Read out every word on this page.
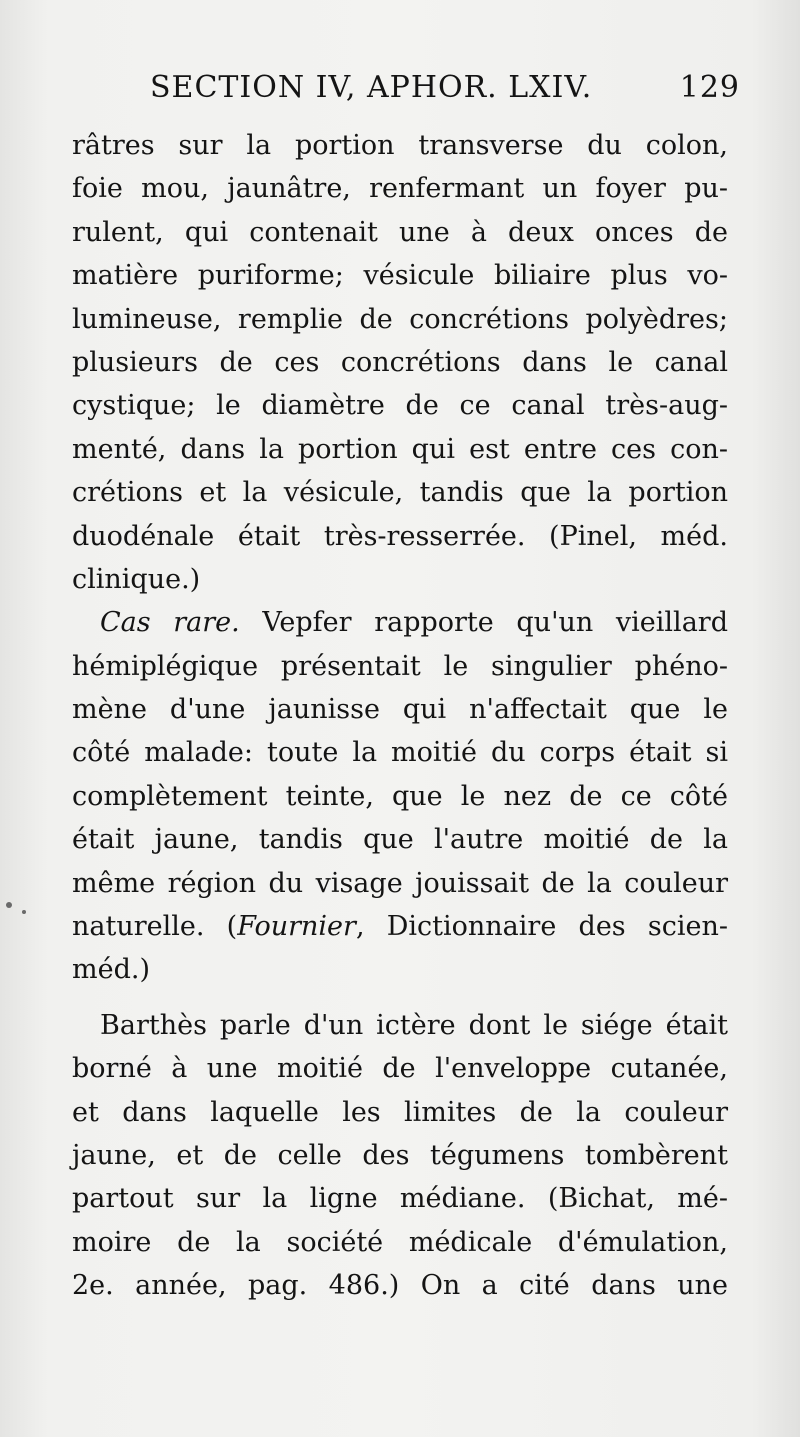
SECTION IV, APHOR. LXIV.	129
râtres sur la portion transverse du colon,
foie mou, jaunâtre, renfermant un foyer pu-
rulent, qui contenait une à deux onces de
matière puriforme; vésicule biliaire plus vo-
lumineuse, remplie de concrétions polyèdres;
plusieurs de ces concrétions dans le canal
cystique; le diamètre de ce canal très-aug-
menté, dans la portion qui est entre ces con-
crétions et la vésicule, tandis que la portion
duodénale était très-resserrée. (Pinel, méd.
clinique.)
Cas rare. Vepfer rapporte qu'un vieillard
hémiplégique présentait le singulier phéno-
mène d'une jaunisse qui n'affectait que le
côté malade: toute la moitié du corps était si
complètement teinte, que le nez de ce côté
était jaune, tandis que l'autre moitié de la
même région du visage jouissait de la couleur
naturelle. (Fournier, Dictionnaire des scien-
méd.)
Barthès parle d'un ictère dont le siége était
borné à une moitié de l'enveloppe cutanée,
et dans laquelle les limites de la couleur
jaune, et de celle des tégumens tombèrent
partout sur la ligne médiane. (Bichat, mé-
moire de la société médicale d'émulation,
2e. année, pag. 486.) On a cité dans une
